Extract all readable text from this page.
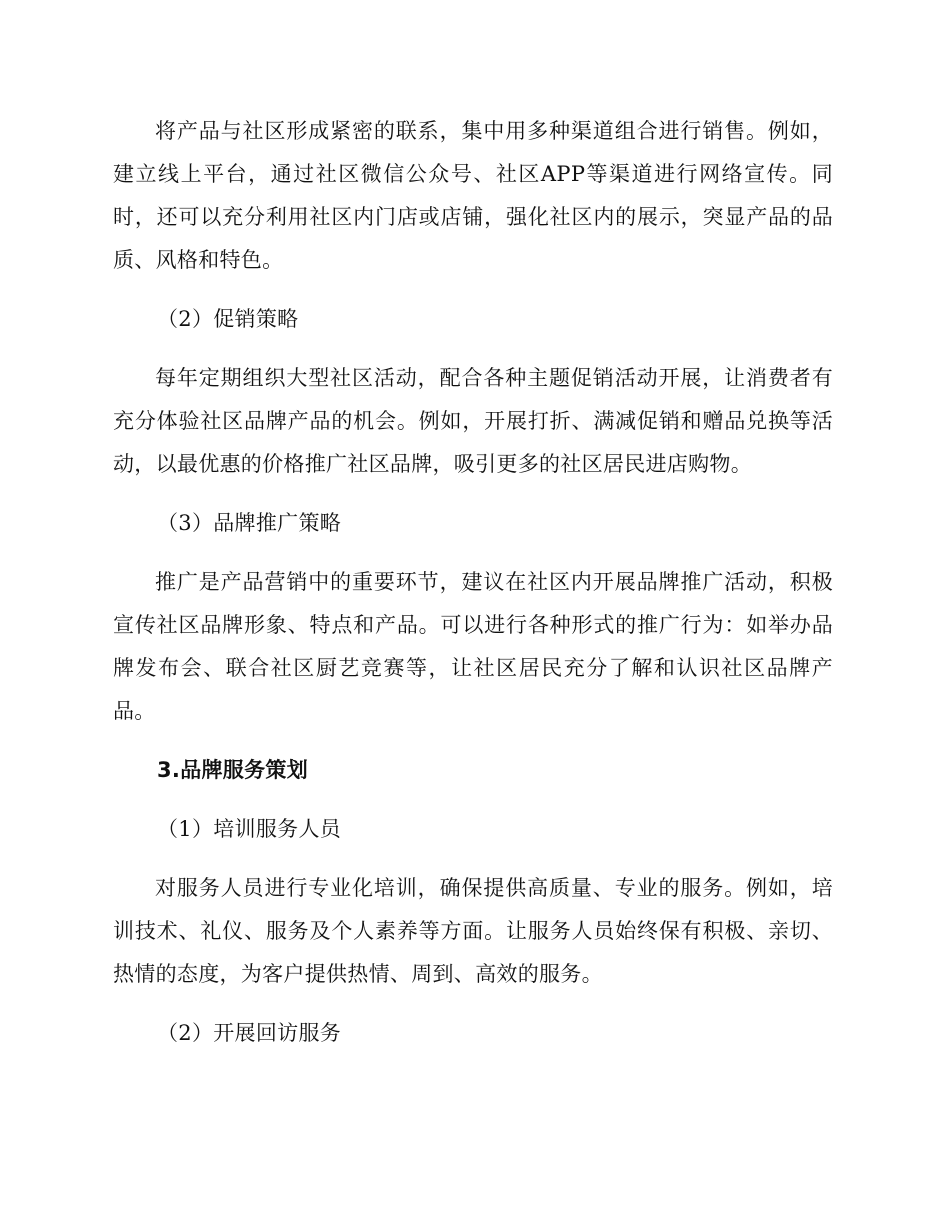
将产品与社区形成紧密的联系，集中用多种渠道组合进行销售。例如，建立线上平台，通过社区微信公众号、社区APP等渠道进行网络宣传。同时，还可以充分利用社区内门店或店铺，强化社区内的展示，突显产品的品质、风格和特色。

（2）促销策略

每年定期组织大型社区活动，配合各种主题促销活动开展，让消费者有充分体验社区品牌产品的机会。例如，开展打折、满减促销和赠品兑换等活动，以最优惠的价格推广社区品牌，吸引更多的社区居民进店购物。

（3）品牌推广策略

推广是产品营销中的重要环节，建议在社区内开展品牌推广活动，积极宣传社区品牌形象、特点和产品。可以进行各种形式的推广行为：如举办品牌发布会、联合社区厨艺竞赛等，让社区居民充分了解和认识社区品牌产品。

3.品牌服务策划

（1）培训服务人员

对服务人员进行专业化培训，确保提供高质量、专业的服务。例如，培训技术、礼仪、服务及个人素养等方面。让服务人员始终保有积极、亲切、热情的态度，为客户提供热情、周到、高效的服务。

（2）开展回访服务
